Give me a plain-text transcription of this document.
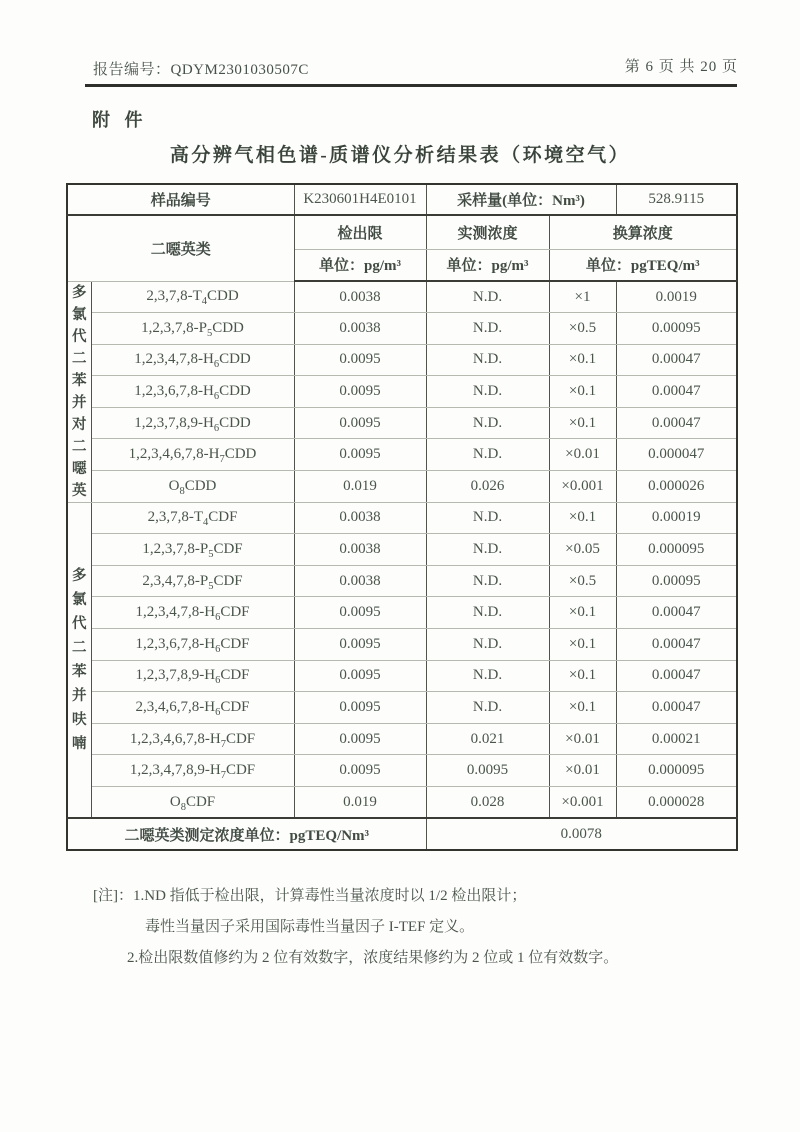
报告编号：QDYM2301030507C	第 6 页 共 20 页
附 件
高分辨气相色谱-质谱仪分析结果表（环境空气）
样品编号		K230601H4E0101	采样量(单位：Nm³)		528.9115
二噁英类		检出限	实测浓度	换算浓度	
		单位：pg/m³	单位：pg/m³	单位：pgTEQ/m³	
多
氯
代
二
苯
并
对
二
噁
英	$2,3,7,8-T_4CDD$	0.0038	N.D.	×1	0.0019
	$1,2,3,7,8-P_5CDD$	0.0038	N.D.	×0.5	0.00095
	$1,2,3,4,7,8-H_6CDD$	0.0095	N.D.	×0.1	0.00047
	$1,2,3,6,7,8-H_6CDD$	0.0095	N.D.	×0.1	0.00047
	$1,2,3,7,8,9-H_6CDD$	0.0095	N.D.	×0.1	0.00047
	$1,2,3,4,6,7,8-H_7CDD$	0.0095	N.D.	×0.01	0.000047
	$O_8CDD$	0.019	0.026	×0.001	0.000026
多
氯
代
二
苯
并
呋
喃	$2,3,7,8-T_4CDF$	0.0038	N.D.	×0.1	0.00019
	$1,2,3,7,8-P_5CDF$	0.0038	N.D.	×0.05	0.000095
	$2,3,4,7,8-P_5CDF$	0.0038	N.D.	×0.5	0.00095
	$1,2,3,4,7,8-H_6CDF$	0.0095	N.D.	×0.1	0.00047
	$1,2,3,6,7,8-H_6CDF$	0.0095	N.D.	×0.1	0.00047
	$1,2,3,7,8,9-H_6CDF$	0.0095	N.D.	×0.1	0.00047
	$2,3,4,6,7,8-H_6CDF$	0.0095	N.D.	×0.1	0.00047
	$1,2,3,4,6,7,8-H_7CDF$	0.0095	0.021	×0.01	0.00021
	$1,2,3,4,7,8,9-H_7CDF$	0.0095	0.0095	×0.01	0.000095
	$O_8CDF$	0.019	0.028	×0.001	0.000028
二噁英类测定浓度单位：pgTEQ/Nm³			0.0078		
[注]：1.ND 指低于检出限，计算毒性当量浓度时以 1/2 检出限计；
毒性当量因子采用国际毒性当量因子 I-TEF 定义。
2.检出限数值修约为 2 位有效数字，浓度结果修约为 2 位或 1 位有效数字。
